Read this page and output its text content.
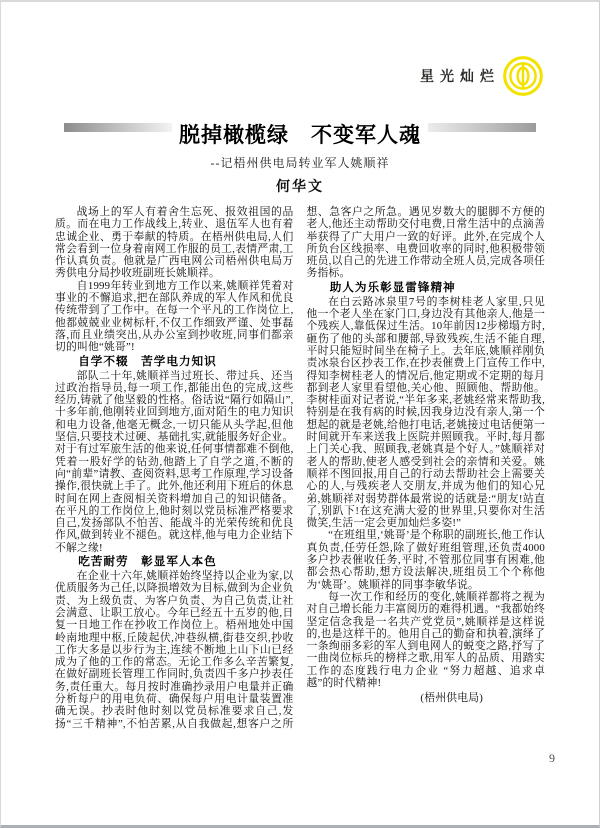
星光灿烂
脱掉橄榄绿　不变军人魂
--记梧州供电局转业军人姚顺祥
何华文

战场上的军人有着舍生忘死、报效祖国的品质。而在电力工作战线上,转业、退伍军人也有着忠诚企业、勇于奉献的特质。在梧州供电局,人们常会看到一位身着南网工作服的员工,表情严肃,工作认真负责。他就是广西电网公司梧州供电局万秀供电分局抄收班副班长姚顺祥。

自1999年转业到地方工作以来,姚顺祥凭着对事业的不懈追求,把在部队养成的军人作风和优良传统带到了工作中。在每一个平凡的工作岗位上,他都兢兢业业树标杆,不仅工作细致严谨、处事磊落,而且业绩突出,从办公室到抄收班,同事们都亲切的叫他“姚哥”!

自学不辍　苦学电力知识

部队二十年,姚顺祥当过班长、带过兵、还当过政治指导员,每一项工作,都能出色的完成,这些经历,铸就了他坚毅的性格。俗话说“隔行如隔山”,十多年前,他刚转业回到地方,面对陌生的电力知识和电力设备,他毫无概念,一切只能从头学起,但他坚信,只要技术过硬、基础扎实,就能服务好企业。对于有过军旅生活的他来说,任何事情都难不倒他,凭着一股好学的钻劲,他踏上了自学之道,不断的向“前辈”请教、查阅资料,思考工作原理,学习设备操作,很快就上手了。此外,他还利用下班后的休息时间在网上查阅相关资料增加自己的知识储备。在平凡的工作岗位上,他时刻以党员标准严格要求自己,发扬部队不怕苦、能战斗的光荣传统和优良作风,做到转业不褪色。就这样,他与电力企业结下不解之缘!

吃苦耐劳　彰显军人本色

在企业十六年,姚顺祥始终坚持以企业为家,以优质服务为己任,以降损增效为目标,做到为企业负责、为上级负责、为客户负责、为自己负责,让社会满意、让职工放心。今年已经五十五岁的他,日复一日地工作在抄收工作岗位上。梧州地处中国岭南地理中枢,丘陵起伏,冲巷纵横,街巷交织,抄收工作大多是以步行为主,连续不断地上山下山已经成为了他的工作的常态。无论工作多么辛苦繁复,在做好副班长管理工作同时,负责四千多户抄表任务,责任重大。每月按时准确抄录用户电量并正确分析每户的用电负荷、确保每户用电计量装置准确无误。抄表时他时刻以党员标准要求自己,发扬“三千精神”,不怕苦累,从自我做起,想客户之所想、急客户之所急。遇见岁数大的腿脚不方便的老人,他还主动帮助交付电费,日常生活中的点滴善举获得了广大用户一致的好评。此外,在完成个人所负台区线损率、电费回收率的同时,他积极带领班员,以自己的先进工作带动全班人员,完成各项任务指标。

助人为乐彰显雷锋精神

在白云路冰泉里7号的李树桂老人家里,只见他一个老人坐在家门口,身边没有其他亲人,他是一个残疾人,靠低保过生活。10年前因12步梯塌方时,砸伤了他的头部和腰部,导致残疾,生活不能自理,平时只能短时间坐在椅子上。去年底,姚顺祥刚负责冰泉台区抄表工作,在抄表催费上门宣传工作中,得知李树桂老人的情况后,他定期或不定期的每月都到老人家里看望他,关心他、照顾他、帮助他。李树桂面对记者说,“半年多来,老姚经常来帮助我,特别是在我有病的时候,因我身边没有亲人,第一个想起的就是老姚,给他打电话,老姚接过电话便第一时间就开车来送我上医院并照顾我。平时,每月都上门关心我、照顾我,老姚真是个好人。”姚顺祥对老人的帮助,使老人感受到社会的亲情和关爱。姚顺祥不图回报,用自己的行动去帮助社会上需要关心的人,与残疾老人交朋友,并成为他们的知心兄弟,姚顺祥对弱势群体最常说的话就是:“朋友!站直了,别趴下!在这充满大爱的世界里,只要你对生活微笑,生活一定会更加灿烂多姿!”

“在班组里,‘姚哥’是个称职的副班长,他工作认真负责,任劳任怨,除了做好班组管理,还负责4000多户抄表催收任务,平时,不管那位同事有困难,他都会热心帮助,想方设法解决,班组员工个个称他为‘姚哥’。姚顺祥的同事李敏华说。

每一次工作和经历的变化,姚顺祥都将之视为对自己增长能力丰富阅历的难得机遇。“我都始终坚定信念我是一名共产党党员”,姚顺祥是这样说的,也是这样干的。他用自己的勤奋和执着,演绎了一条绚丽多彩的军人到电网人的蜕变之路,抒写了一曲岗位标兵的榜样之歌,用军人的品质、用踏实工作的态度践行电力企业 “努力超越、追求卓越”的时代精神!

(梧州供电局)
9
